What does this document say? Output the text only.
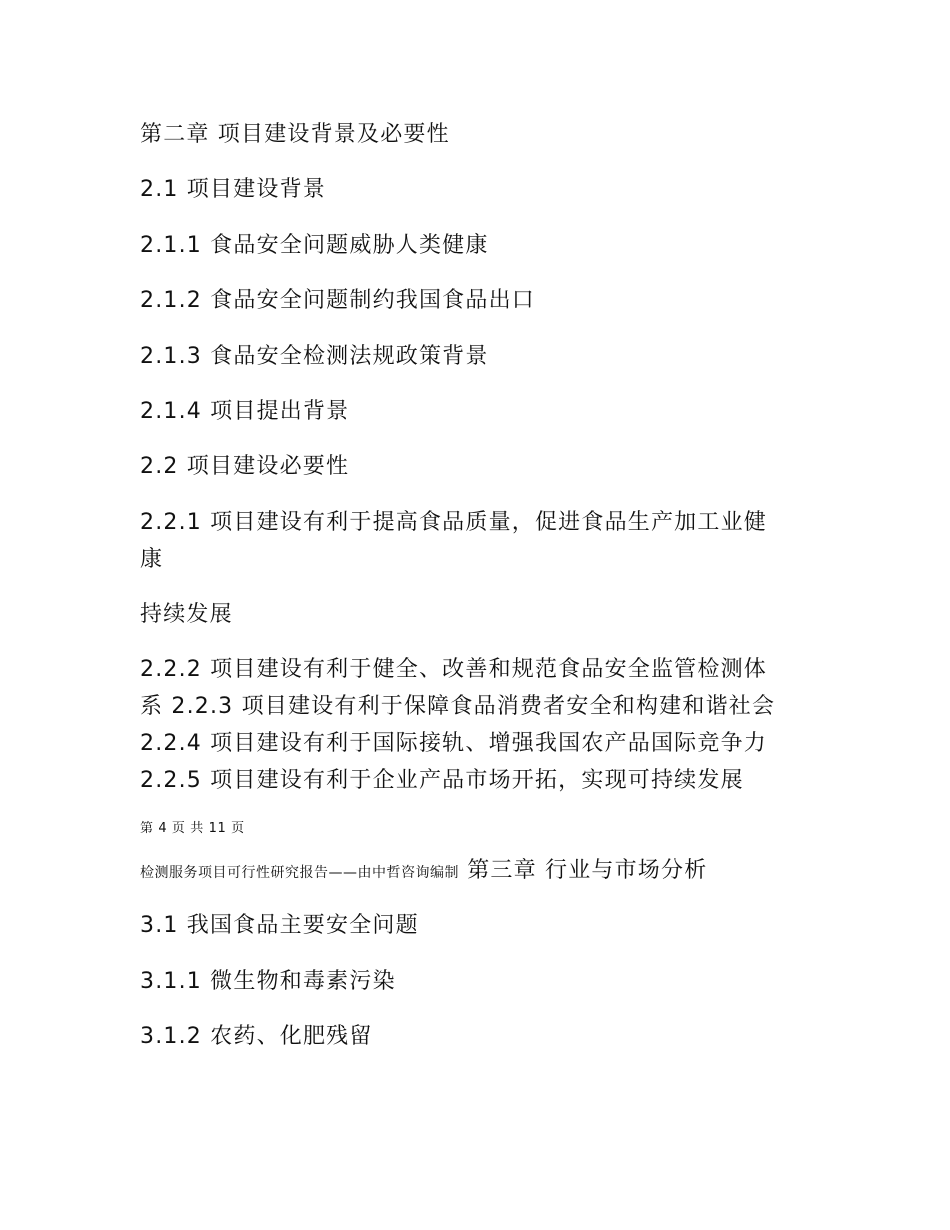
第二章 项目建设背景及必要性
2.1 项目建设背景
2.1.1 食品安全问题威胁人类健康
2.1.2 食品安全问题制约我国食品出口
2.1.3 食品安全检测法规政策背景
2.1.4 项目提出背景
2.2 项目建设必要性
2.2.1 项目建设有利于提高食品质量，促进食品生产加工业健
康
持续发展
2.2.2 项目建设有利于健全、改善和规范食品安全监管检测体
系 2.2.3 项目建设有利于保障食品消费者安全和构建和谐社会
2.2.4 项目建设有利于国际接轨、增强我国农产品国际竞争力
2.2.5 项目建设有利于企业产品市场开拓，实现可持续发展
第 4 页 共 11 页
检测服务项目可行性研究报告——由中哲咨询编制 第三章 行业与市场分析
3.1 我国食品主要安全问题
3.1.1 微生物和毒素污染
3.1.2 农药、化肥残留
